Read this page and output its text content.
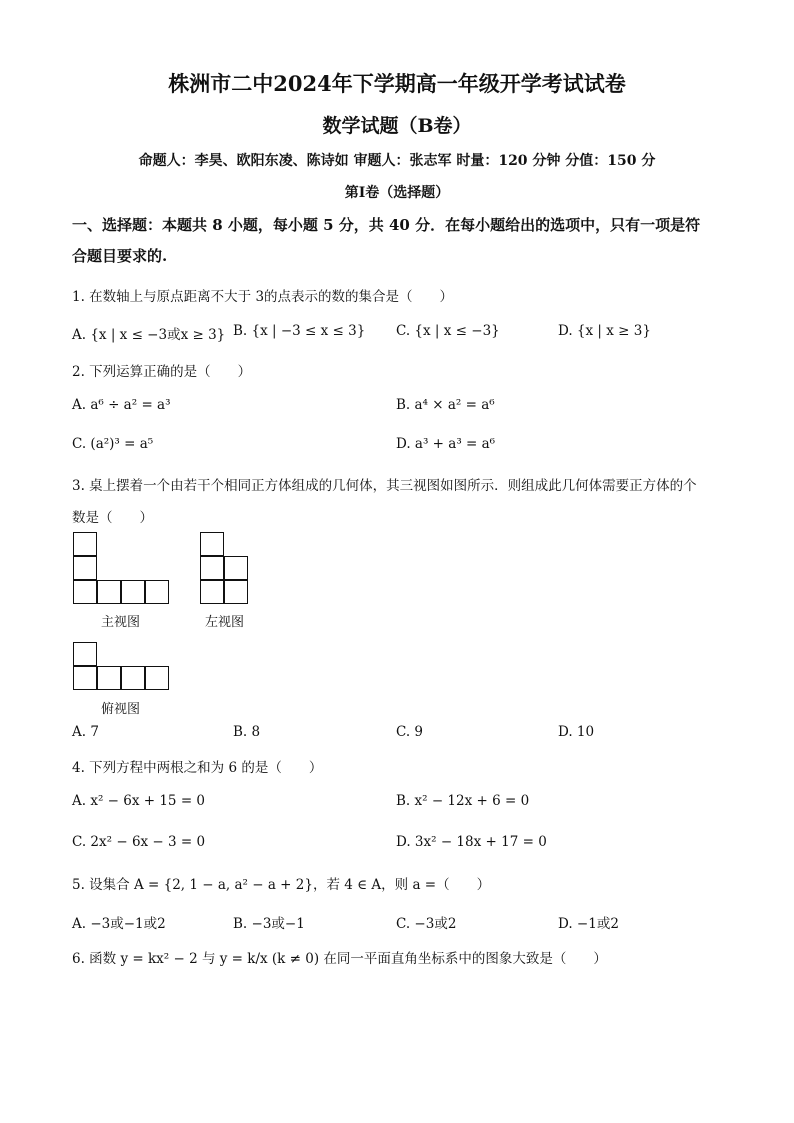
株洲市二中2024年下学期高一年级开学考试试卷
数学试题（B卷）
命题人：李昊、欧阳东凌、陈诗如 审题人：张志军 时量：120 分钟 分值：150 分
第Ⅰ卷（选择题）
一、选择题：本题共 8 小题，每小题 5 分，共 40 分．在每小题给出的选项中，只有一项是符
合题目要求的.
1. 在数轴上与原点距离不大于 3的点表示的数的集合是（　　）
A. {x | x ≤ −3或x ≥ 3} B. {x | −3 ≤ x ≤ 3} C. {x | x ≤ −3}	D. {x | x ≥ 3}
2. 下列运算正确的是（　　）
A. a⁶ ÷ a² = a³	B. a⁴ × a² = a⁶
C. (a²)³ = a⁵	D. a³ + a³ = a⁶
3. 桌上摆着一个由若干个相同正方体组成的几何体，其三视图如图所示．则组成此几何体需要正方体的个
数是（　　）
主视图	左视图
俯视图
A. 7	B. 8	C. 9	D. 10
4. 下列方程中两根之和为 6 的是（　　）
A. x² − 6x + 15 = 0	B. x² − 12x + 6 = 0
C. 2x² − 6x − 3 = 0	D. 3x² − 18x + 17 = 0
5. 设集合 A = {2, 1 − a, a² − a + 2}，若 4 ∈ A，则 a =（　　）
A. −3或−1或2	B. −3或−1	C. −3或2	D. −1或2
6. 函数 y = kx² − 2 与 y = k/x (k ≠ 0) 在同一平面直角坐标系中的图象大致是（　　）
